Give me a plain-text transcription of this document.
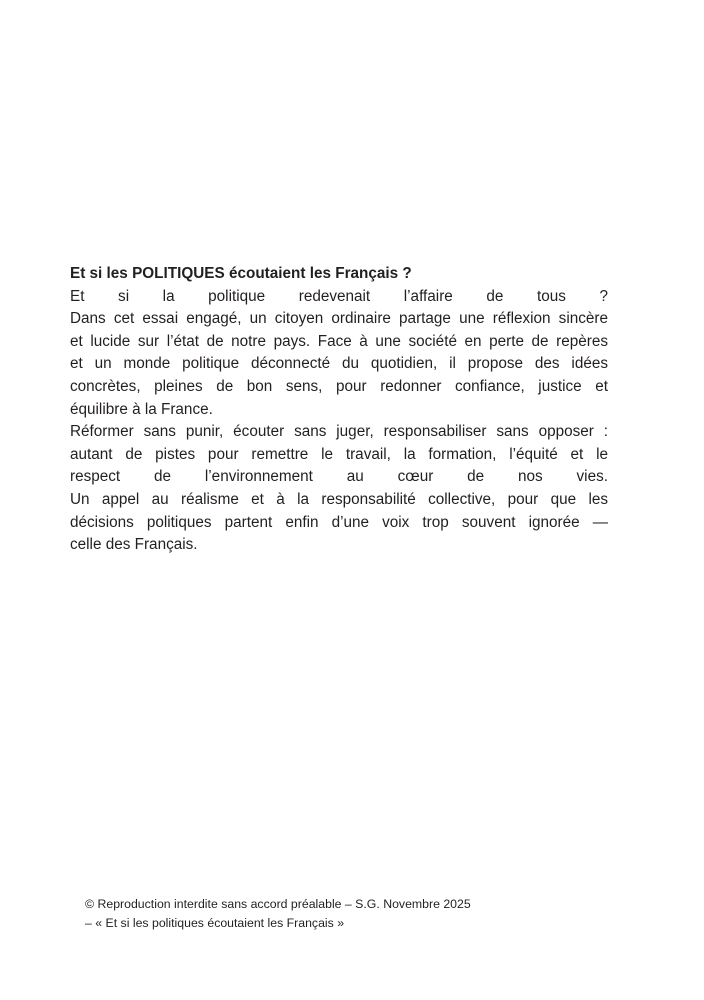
Et si les POLITIQUES écoutaient les Français ?

Et si la politique redevenait l’affaire de tous ?

Dans cet essai engagé, un citoyen ordinaire partage une réflexion sincère

et lucide sur l’état de notre pays. Face à une société en perte de repères

et un monde politique déconnecté du quotidien, il propose des idées

concrètes, pleines de bon sens, pour redonner confiance, justice et

équilibre à la France.

Réformer sans punir, écouter sans juger, responsabiliser sans opposer :

autant de pistes pour remettre le travail, la formation, l’équité et le

respect de l’environnement au cœur de nos vies.

Un appel au réalisme et à la responsabilité collective, pour que les

décisions politiques partent enfin d’une voix trop souvent ignorée —

celle des Français.

© Reproduction interdite sans accord préalable – S.G. Novembre 2025

– « Et si les politiques écoutaient les Français »
